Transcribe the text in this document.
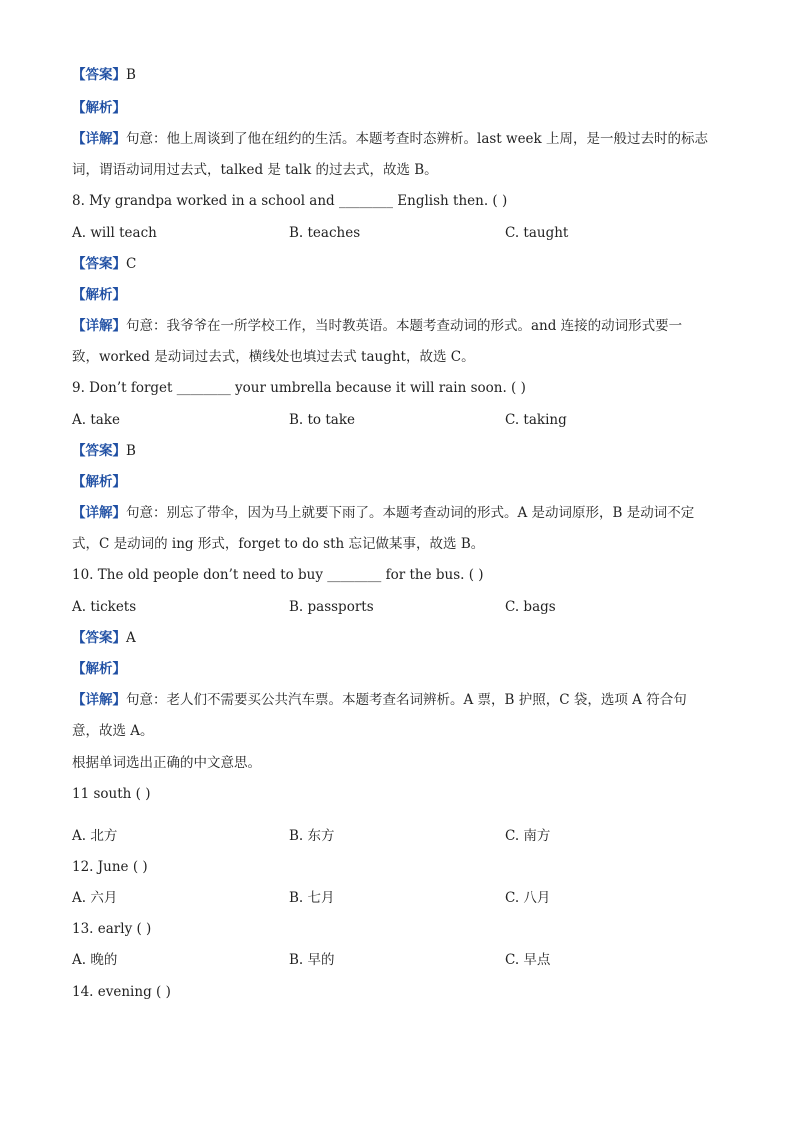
【答案】B
【解析】
【详解】句意：他上周谈到了他在纽约的生活。本题考查时态辨析。last week 上周，是一般过去时的标志
词，谓语动词用过去式，talked 是 talk 的过去式，故选 B。
8. My grandpa worked in a school and ________ English then. ( )
A. will teach	B. teaches	C. taught
【答案】C
【解析】
【详解】句意：我爷爷在一所学校工作，当时教英语。本题考查动词的形式。and 连接的动词形式要一
致，worked 是动词过去式，横线处也填过去式 taught，故选 C。
9. Don’t forget ________ your umbrella because it will rain soon. ( )
A. take	B. to take	C. taking
【答案】B
【解析】
【详解】句意：别忘了带伞，因为马上就要下雨了。本题考查动词的形式。A 是动词原形，B 是动词不定
式，C 是动词的 ing 形式，forget to do sth 忘记做某事，故选 B。
10. The old people don’t need to buy ________ for the bus. ( )
A. tickets	B. passports	C. bags
【答案】A
【解析】
【详解】句意：老人们不需要买公共汽车票。本题考查名词辨析。A 票，B 护照，C 袋，选项 A 符合句
意，故选 A。
根据单词选出正确的中文意思。
11 south ( )
A. 北方	B. 东方	C. 南方
12. June ( )
A. 六月	B. 七月	C. 八月
13. early ( )
A. 晚的	B. 早的	C. 早点
14. evening ( )
